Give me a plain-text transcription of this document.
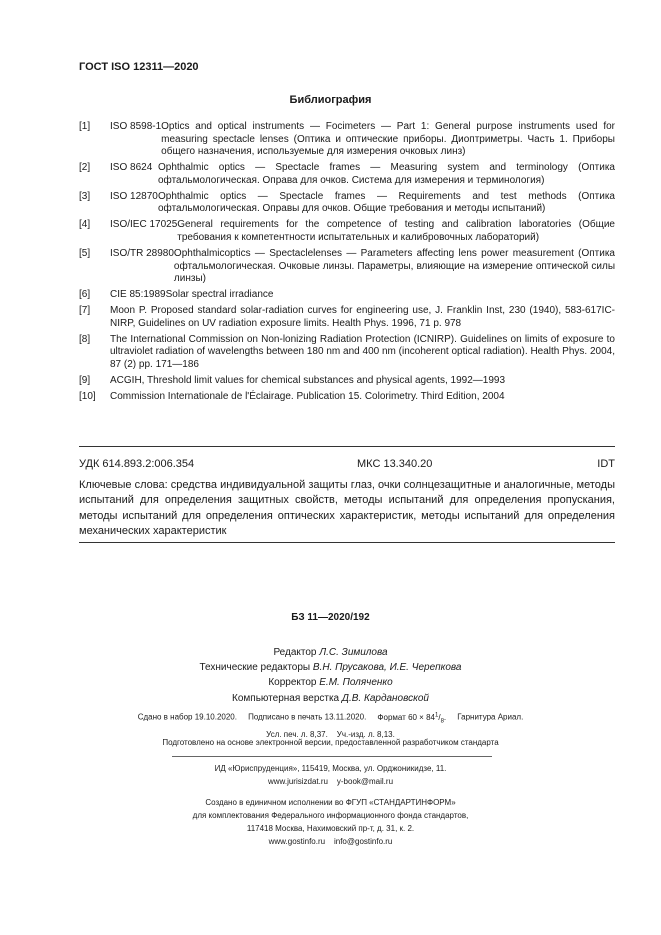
ГОСТ ISO 12311—2020
Библиография
[1]	ISO 8598-1 Optics and optical instruments — Focimeters — Part 1: General purpose instruments used for measuring spectacle lenses (Оптика и оптические приборы. Диоптриметры. Часть 1. Приборы общего назначения, используемые для измерения очковых линз)
[2]	ISO 8624 Ophthalmic optics — Spectacle frames — Measuring system and terminology (Оптика офтальмологическая. Оправа для очков. Система для измерения и терминология)
[3]	ISO 12870 Ophthalmic optics — Spectacle frames — Requirements and test methods (Оптика офтальмологическая. Оправы для очков. Общие требования и методы испытаний)
[4]	ISO/IEC 17025 General requirements for the competence of testing and calibration laboratories (Общие требования к компетентности испытательных и калибровочных лабораторий)
[5]	ISO/TR 28980 Ophthalmicoptics — Spectaclelenses — Parameters affecting lens power measurement (Оптика офтальмологическая. Очковые линзы. Параметры, влияющие на измерение оптической силы линзы)
[6]	CIE 85:1989 Solar spectral irradiance
[7]	Moon P. Proposed standard solar-radiation curves for engineering use, J. Franklin Inst, 230 (1940), 583-617IC-NIRP, Guidelines on UV radiation exposure limits. Health Phys. 1996, 71 p. 978
[8]	The International Commission on Non-lonizing Radiation Protection (ICNIRP). Guidelines on limits of exposure to ultraviolet radiation of wavelengths between 180 nm and 400 nm (incoherent optical radiation). Health Phys. 2004, 87 (2) pp. 171—186
[9]	ACGIH, Threshold limit values for chemical substances and physical agents, 1992—1993
[10]	Commission Internationale de l'Éclairage. Publication 15. Colorimetry. Third Edition, 2004
УДК 614.893.2:006.354	МКС 13.340.20	IDT
Ключевые слова: средства индивидуальной защиты глаз, очки солнцезащитные и аналогичные, методы испытаний для определения защитных свойств, методы испытаний для определения пропускания, методы испытаний для определения оптических характеристик, методы испытаний для определения механических характеристик
БЗ 11—2020/192
Редактор Л.С. Зимилова
Технические редакторы В.Н. Прусакова, И.Е. Черепкова
Корректор Е.М. Поляченко
Компьютерная верстка Д.В. Кардановской
Сдано в набор 19.10.2020. Подписано в печать 13.11.2020. Формат $60 \times 84^1/_8$. Гарнитура Ариал.
Усл. печ. л. 8,37. Уч.-изд. л. 8,13.
Подготовлено на основе электронной версии, предоставленной разработчиком стандарта
ИД «Юриспруденция», 115419, Москва, ул. Орджоникидзе, 11.
www.jurisizdat.ru y-book@mail.ru
Создано в единичном исполнении во ФГУП «СТАНДАРТИНФОРМ»
для комплектования Федерального информационного фонда стандартов,
117418 Москва, Нахимовский пр-т, д. 31, к. 2.
www.gostinfo.ru info@gostinfo.ru
